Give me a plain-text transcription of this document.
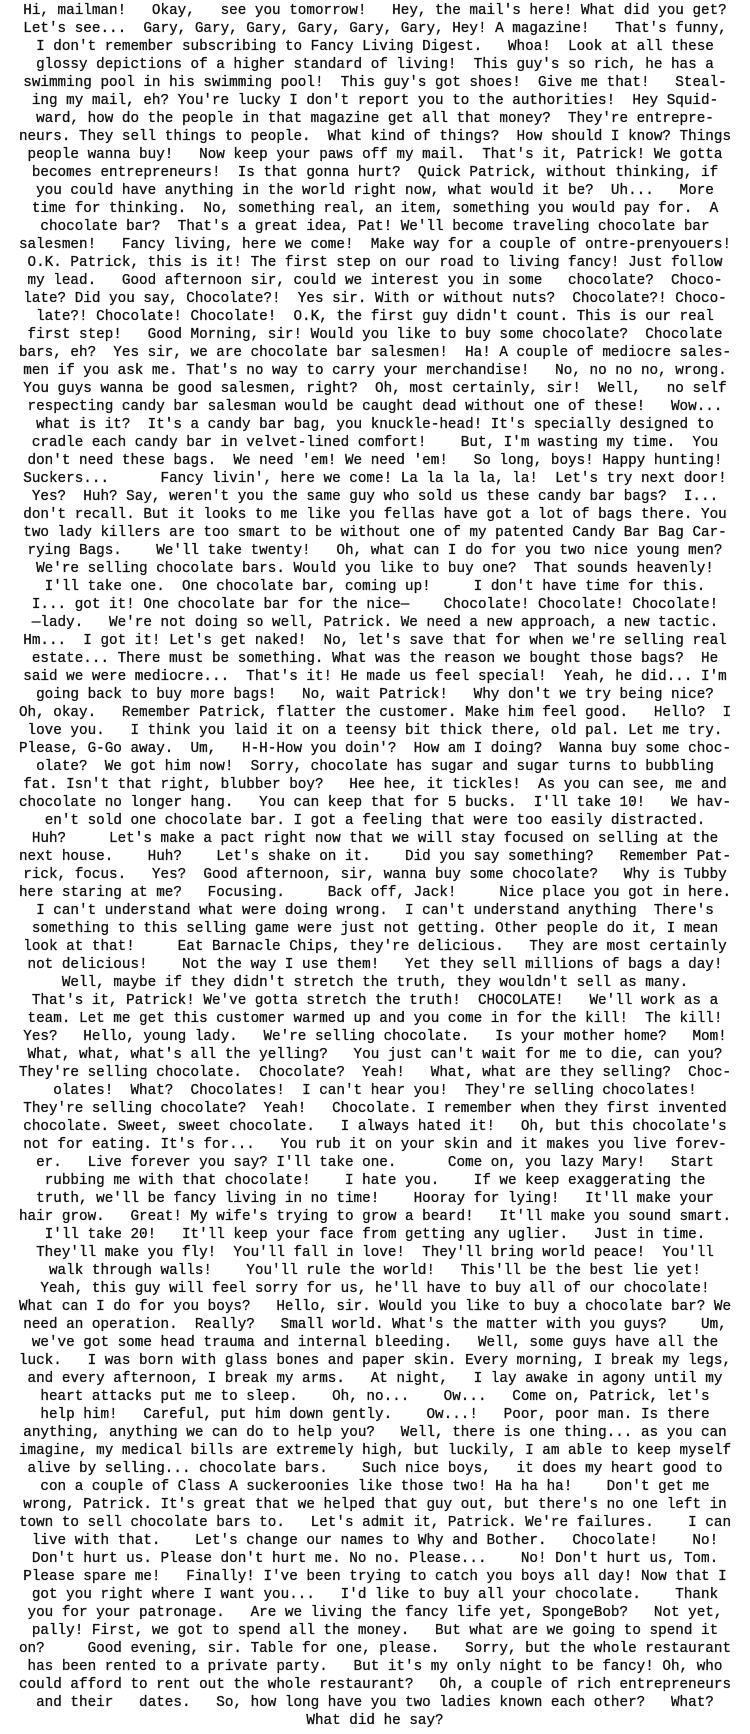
Hi, mailman!   Okay,   see you tomorrow!   Hey, the mail's here! What did you get?
Let's see...  Gary, Gary, Gary, Gary, Gary, Gary, Hey! A magazine!   That's funny,
I don't remember subscribing to Fancy Living Digest.   Whoa!  Look at all these
glossy depictions of a higher standard of living!  This guy's so rich, he has a
swimming pool in his swimming pool!  This guy's got shoes!  Give me that!   Steal-
ing my mail, eh? You're lucky I don't report you to the authorities!  Hey Squid-
ward, how do the people in that magazine get all that money?  They're entrepre-
neurs. They sell things to people.  What kind of things?  How should I know? Things
people wanna buy!   Now keep your paws off my mail.  That's it, Patrick! We gotta
becomes entrepreneurs!  Is that gonna hurt?  Quick Patrick, without thinking, if
you could have anything in the world right now, what would it be?  Uh...   More
time for thinking.  No, something real, an item, something you would pay for.  A
chocolate bar?  That's a great idea, Pat! We'll become traveling chocolate bar
salesmen!   Fancy living, here we come!  Make way for a couple of ontre-prenyouers!
O.K. Patrick, this is it! The first step on our road to living fancy! Just follow
my lead.   Good afternoon sir, could we interest you in some   chocolate?  Choco-
late? Did you say, Chocolate?!  Yes sir. With or without nuts?  Chocolate?! Choco-
late?! Chocolate! Chocolate!  O.K, the first guy didn't count. This is our real
first step!   Good Morning, sir! Would you like to buy some chocolate?  Chocolate
bars, eh?  Yes sir, we are chocolate bar salesmen!  Ha! A couple of mediocre sales-
men if you ask me. That's no way to carry your merchandise!   No, no no no, wrong.
You guys wanna be good salesmen, right?  Oh, most certainly, sir!  Well,   no self
respecting candy bar salesman would be caught dead without one of these!   Wow...
what is it?  It's a candy bar bag, you knuckle-head! It's specially designed to
cradle each candy bar in velvet-lined comfort!    But, I'm wasting my time.  You
don't need these bags.  We need 'em! We need 'em!   So long, boys! Happy hunting!
Suckers...      Fancy livin', here we come! La la la la, la!  Let's try next door!
Yes?  Huh? Say, weren't you the same guy who sold us these candy bar bags?  I...
don't recall. But it looks to me like you fellas have got a lot of bags there. You
two lady killers are too smart to be without one of my patented Candy Bar Bag Car-
rying Bags.    We'll take twenty!   Oh, what can I do for you two nice young men?
We're selling chocolate bars. Would you like to buy one?  That sounds heavenly!
I'll take one.  One chocolate bar, coming up!     I don't have time for this.
I... got it! One chocolate bar for the nice—    Chocolate! Chocolate! Chocolate!
—lady.   We're not doing so well, Patrick. We need a new approach, a new tactic.
Hm...  I got it! Let's get naked!  No, let's save that for when we're selling real
estate... There must be something. What was the reason we bought those bags?  He
said we were mediocre...  That's it! He made us feel special!  Yeah, he did... I'm
going back to buy more bags!   No, wait Patrick!   Why don't we try being nice?
Oh, okay.   Remember Patrick, flatter the customer. Make him feel good.   Hello?  I
love you.   I think you laid it on a teensy bit thick there, old pal. Let me try.
Please, G-Go away.  Um,   H-H-How you doin'?  How am I doing?  Wanna buy some choc-
olate?  We got him now!  Sorry, chocolate has sugar and sugar turns to bubbling
fat. Isn't that right, blubber boy?   Hee hee, it tickles!  As you can see, me and
chocolate no longer hang.   You can keep that for 5 bucks.  I'll take 10!   We hav-
en't sold one chocolate bar. I got a feeling that were too easily distracted.
Huh?     Let's make a pact right now that we will stay focused on selling at the
next house.    Huh?    Let's shake on it.    Did you say something?   Remember Pat-
rick, focus.   Yes?  Good afternoon, sir, wanna buy some chocolate?   Why is Tubby
here staring at me?   Focusing.     Back off, Jack!     Nice place you got in here.
I can't understand what were doing wrong.  I can't understand anything  There's
something to this selling game were just not getting. Other people do it, I mean
look at that!     Eat Barnacle Chips, they're delicious.   They are most certainly
not delicious!    Not the way I use them!   Yet they sell millions of bags a day!
Well, maybe if they didn't stretch the truth, they wouldn't sell as many.
That's it, Patrick! We've gotta stretch the truth!  CHOCOLATE!   We'll work as a
team. Let me get this customer warmed up and you come in for the kill!  The kill!
Yes?   Hello, young lady.   We're selling chocolate.   Is your mother home?   Mom!
What, what, what's all the yelling?   You just can't wait for me to die, can you?
They're selling chocolate.  Chocolate?  Yeah!   What, what are they selling?  Choc-
olates!  What?  Chocolates!  I can't hear you!  They're selling chocolates!
They're selling chocolate?  Yeah!   Chocolate. I remember when they first invented
chocolate. Sweet, sweet chocolate.   I always hated it!   Oh, but this chocolate's
not for eating. It's for...   You rub it on your skin and it makes you live forev-
er.   Live forever you say? I'll take one.      Come on, you lazy Mary!   Start
rubbing me with that chocolate!    I hate you.    If we keep exaggerating the
truth, we'll be fancy living in no time!    Hooray for lying!   It'll make your
hair grow.   Great! My wife's trying to grow a beard!   It'll make you sound smart.
I'll take 20!   It'll keep your face from getting any uglier.   Just in time.
They'll make you fly!  You'll fall in love!  They'll bring world peace!  You'll
walk through walls!    You'll rule the world!   This'll be the best lie yet!
Yeah, this guy will feel sorry for us, he'll have to buy all of our chocolate!
What can I do for you boys?   Hello, sir. Would you like to buy a chocolate bar? We
need an operation.  Really?   Small world. What's the matter with you guys?    Um,
we've got some head trauma and internal bleeding.   Well, some guys have all the
luck.   I was born with glass bones and paper skin. Every morning, I break my legs,
and every afternoon, I break my arms.   At night,   I lay awake in agony until my
heart attacks put me to sleep.    Oh, no...    Ow...   Come on, Patrick, let's
help him!   Careful, put him down gently.    Ow...!   Poor, poor man. Is there
anything, anything we can do to help you?   Well, there is one thing... as you can
imagine, my medical bills are extremely high, but luckily, I am able to keep myself
alive by selling... chocolate bars.    Such nice boys,   it does my heart good to
con a couple of Class A suckeroonies like those two! Ha ha ha!    Don't get me
wrong, Patrick. It's great that we helped that guy out, but there's no one left in
town to sell chocolate bars to.   Let's admit it, Patrick. We're failures.    I can
live with that.    Let's change our names to Why and Bother.   Chocolate!    No!
Don't hurt us. Please don't hurt me. No no. Please...    No! Don't hurt us, Tom.
Please spare me!   Finally! I've been trying to catch you boys all day! Now that I
got you right where I want you...   I'd like to buy all your chocolate.    Thank
you for your patronage.   Are we living the fancy life yet, SpongeBob?   Not yet,
pally! First, we got to spend all the money.   But what are we going to spend it
on?     Good evening, sir. Table for one, please.   Sorry, but the whole restaurant
has been rented to a private party.   But it's my only night to be fancy! Oh, who
could afford to rent out the whole restaurant?   Oh, a couple of rich entrepreneurs
and their   dates.   So, how long have you two ladies known each other?   What?
What did he say?
